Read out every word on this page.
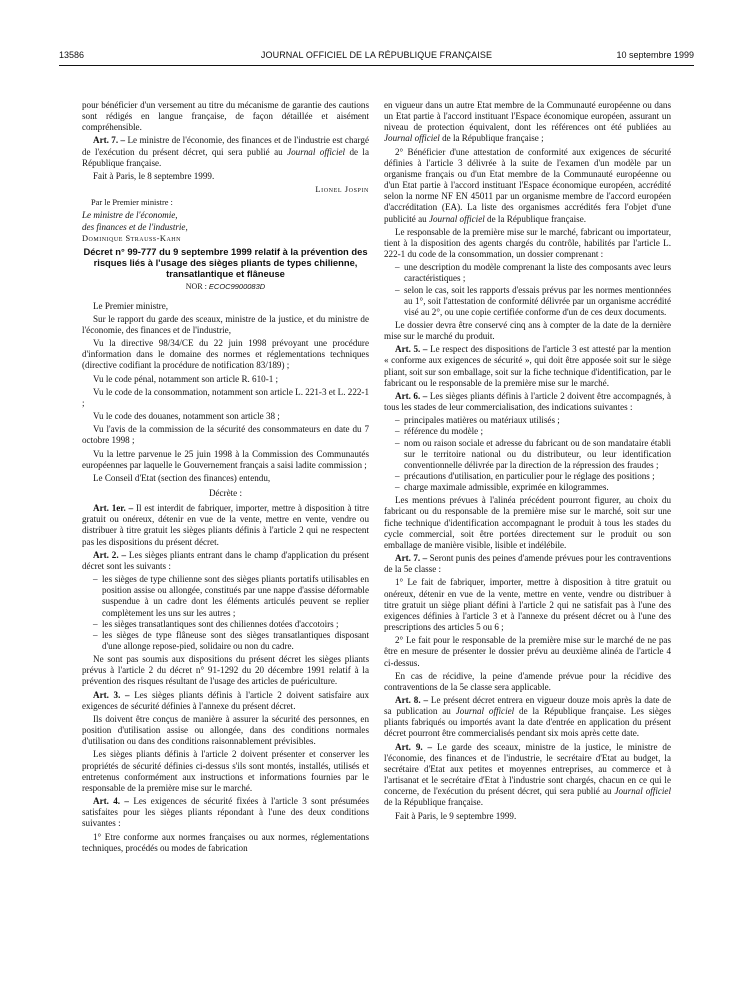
13586	JOURNAL OFFICIEL DE LA RÉPUBLIQUE FRANÇAISE	10 septembre 1999

pour bénéficier d'un versement au titre du mécanisme de garantie des cautions sont rédigés en langue française, de façon détaillée et aisément compréhensible.

Art. 7. – Le ministre de l'économie, des finances et de l'industrie est chargé de l'exécution du présent décret, qui sera publié au Journal officiel de la République française.

Fait à Paris, le 8 septembre 1999.

Lionel Jospin

Par le Premier ministre :

Le ministre de l'économie,

des finances et de l'industrie,

Dominique Strauss-Kahn

Décret n° 99-777 du 9 septembre 1999 relatif à la prévention des risques liés à l'usage des sièges pliants de types chilienne, transatlantique et flâneuse

NOR : ECOC9900083D

Le Premier ministre,

Sur le rapport du garde des sceaux, ministre de la justice, et du ministre de l'économie, des finances et de l'industrie,

Vu la directive 98/34/CE du 22 juin 1998 prévoyant une procédure d'information dans le domaine des normes et réglementations techniques (directive codifiant la procédure de notification 83/189) ;

Vu le code pénal, notamment son article R. 610-1 ;

Vu le code de la consommation, notamment son article L. 221-3 et L. 222-1 ;

Vu le code des douanes, notamment son article 38 ;

Vu l'avis de la commission de la sécurité des consommateurs en date du 7 octobre 1998 ;

Vu la lettre parvenue le 25 juin 1998 à la Commission des Communautés européennes par laquelle le Gouvernement français a saisi ladite commission ;

Le Conseil d'Etat (section des finances) entendu,

Décrète :

Art. 1er. – Il est interdit de fabriquer, importer, mettre à disposition à titre gratuit ou onéreux, détenir en vue de la vente, mettre en vente, vendre ou distribuer à titre gratuit les sièges pliants définis à l'article 2 qui ne respectent pas les dispositions du présent décret.

Art. 2. – Les sièges pliants entrant dans le champ d'application du présent décret sont les suivants :

– les sièges de type chilienne sont des sièges pliants portatifs utilisables en position assise ou allongée, constitués par une nappe d'assise déformable suspendue à un cadre dont les éléments articulés peuvent se replier complètement les uns sur les autres ;
– les sièges transatlantiques sont des chiliennes dotées d'accotoirs ;
– les sièges de type flâneuse sont des sièges transatlantiques disposant d'une allonge repose-pied, solidaire ou non du cadre.

Ne sont pas soumis aux dispositions du présent décret les sièges pliants prévus à l'article 2 du décret n° 91-1292 du 20 décembre 1991 relatif à la prévention des risques résultant de l'usage des articles de puériculture.

Art. 3. – Les sièges pliants définis à l'article 2 doivent satisfaire aux exigences de sécurité définies à l'annexe du présent décret.

Ils doivent être conçus de manière à assurer la sécurité des personnes, en position d'utilisation assise ou allongée, dans des conditions normales d'utilisation ou dans des conditions raisonnablement prévisibles.

Les sièges pliants définis à l'article 2 doivent présenter et conserver les propriétés de sécurité définies ci-dessus s'ils sont montés, installés, utilisés et entretenus conformément aux instructions et informations fournies par le responsable de la première mise sur le marché.

Art. 4. – Les exigences de sécurité fixées à l'article 3 sont présumées satisfaites pour les sièges pliants répondant à l'une des deux conditions suivantes :

1° Etre conforme aux normes françaises ou aux normes, réglementations techniques, procédés ou modes de fabrication

en vigueur dans un autre Etat membre de la Communauté européenne ou dans un Etat partie à l'accord instituant l'Espace économique européen, assurant un niveau de protection équivalent, dont les références ont été publiées au Journal officiel de la République française ;

2° Bénéficier d'une attestation de conformité aux exigences de sécurité définies à l'article 3 délivrée à la suite de l'examen d'un modèle par un organisme français ou d'un Etat membre de la Communauté européenne ou d'un Etat partie à l'accord instituant l'Espace économique européen, accrédité selon la norme NF EN 45011 par un organisme membre de l'accord européen d'accréditation (EA). La liste des organismes accrédités fera l'objet d'une publicité au Journal officiel de la République française.

Le responsable de la première mise sur le marché, fabricant ou importateur, tient à la disposition des agents chargés du contrôle, habilités par l'article L. 222-1 du code de la consommation, un dossier comprenant :

– une description du modèle comprenant la liste des composants avec leurs caractéristiques ;
– selon le cas, soit les rapports d'essais prévus par les normes mentionnées au 1°, soit l'attestation de conformité délivrée par un organisme accrédité visé au 2°, ou une copie certifiée conforme d'un de ces deux documents.

Le dossier devra être conservé cinq ans à compter de la date de la dernière mise sur le marché du produit.

Art. 5. – Le respect des dispositions de l'article 3 est attesté par la mention « conforme aux exigences de sécurité », qui doit être apposée soit sur le siège pliant, soit sur son emballage, soit sur la fiche technique d'identification, par le fabricant ou le responsable de la première mise sur le marché.

Art. 6. – Les sièges pliants définis à l'article 2 doivent être accompagnés, à tous les stades de leur commercialisation, des indications suivantes :

– principales matières ou matériaux utilisés ;
– référence du modèle ;
– nom ou raison sociale et adresse du fabricant ou de son mandataire établi sur le territoire national ou du distributeur, ou leur identification conventionnelle délivrée par la direction de la répression des fraudes ;
– précautions d'utilisation, en particulier pour le réglage des positions ;
– charge maximale admissible, exprimée en kilogrammes.

Les mentions prévues à l'alinéa précédent pourront figurer, au choix du fabricant ou du responsable de la première mise sur le marché, soit sur une fiche technique d'identification accompagnant le produit à tous les stades du cycle commercial, soit être portées directement sur le produit ou son emballage de manière visible, lisible et indélébile.

Art. 7. – Seront punis des peines d'amende prévues pour les contraventions de la 5e classe :

1° Le fait de fabriquer, importer, mettre à disposition à titre gratuit ou onéreux, détenir en vue de la vente, mettre en vente, vendre ou distribuer à titre gratuit un siège pliant défini à l'article 2 qui ne satisfait pas à l'une des exigences définies à l'article 3 et à l'annexe du présent décret ou à l'une des prescriptions des articles 5 ou 6 ;

2° Le fait pour le responsable de la première mise sur le marché de ne pas être en mesure de présenter le dossier prévu au deuxième alinéa de l'article 4 ci-dessus.

En cas de récidive, la peine d'amende prévue pour la récidive des contraventions de la 5e classe sera applicable.

Art. 8. – Le présent décret entrera en vigueur douze mois après la date de sa publication au Journal officiel de la République française. Les sièges pliants fabriqués ou importés avant la date d'entrée en application du présent décret pourront être commercialisés pendant six mois après cette date.

Art. 9. – Le garde des sceaux, ministre de la justice, le ministre de l'économie, des finances et de l'industrie, le secrétaire d'Etat au budget, la secrétaire d'Etat aux petites et moyennes entreprises, au commerce et à l'artisanat et le secrétaire d'Etat à l'industrie sont chargés, chacun en ce qui le concerne, de l'exécution du présent décret, qui sera publié au Journal officiel de la République française.

Fait à Paris, le 9 septembre 1999.
